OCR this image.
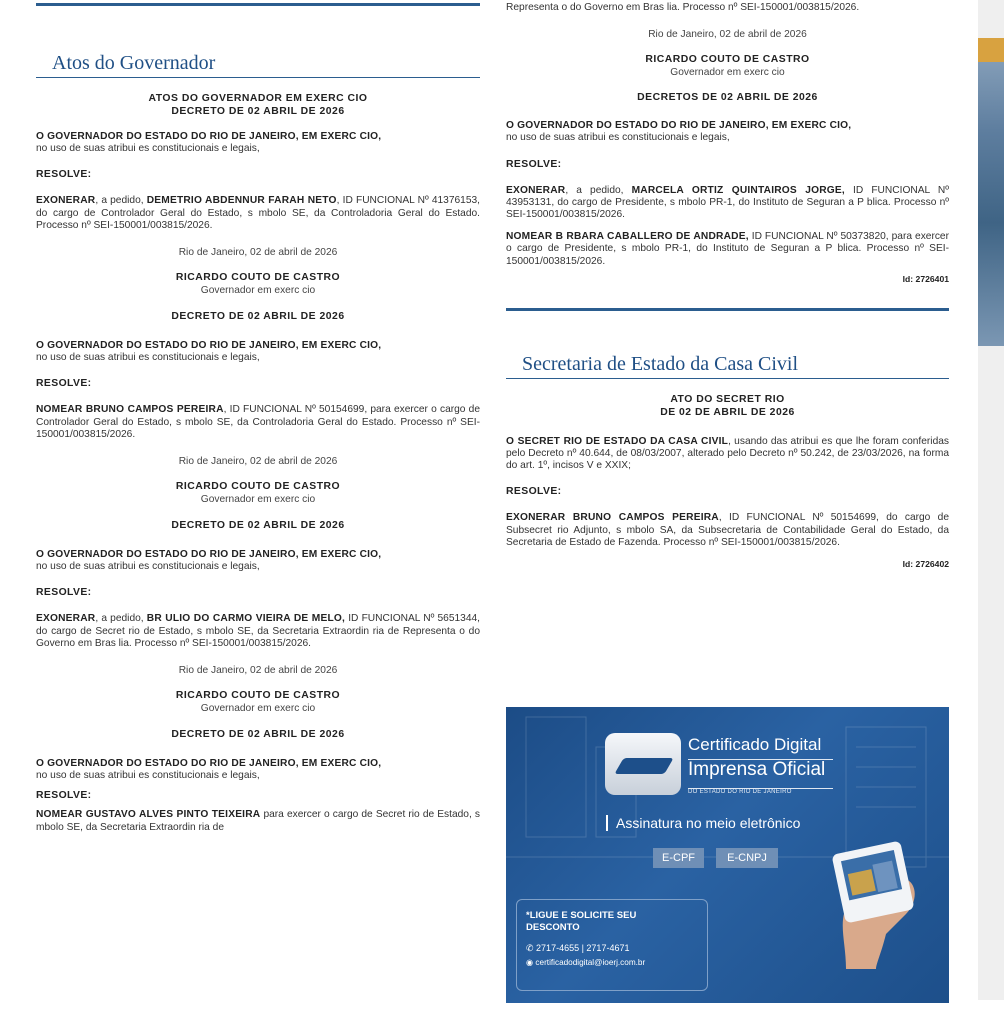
Atos do Governador
ATOS DO GOVERNADOR EM EXERC CIO
DECRETO DE 02 ABRIL DE 2026
O GOVERNADOR DO ESTADO DO RIO DE JANEIRO, EM EXERC CIO,
no uso de suas atribui es constitucionais e legais,
RESOLVE:
EXONERAR, a pedido, DEMETRIO ABDENNUR FARAH NETO, ID FUNCIONAL Nº 41376153, do cargo de Controlador Geral do Estado, s mbolo SE, da Controladoria Geral do Estado. Processo nº SEI-150001/003815/2026.
Rio de Janeiro, 02 de abril de 2026
RICARDO COUTO DE CASTRO
Governador em exerc cio
DECRETO DE 02 ABRIL DE 2026
O GOVERNADOR DO ESTADO DO RIO DE JANEIRO, EM EXERC CIO,
no uso de suas atribui es constitucionais e legais,
RESOLVE:
NOMEAR BRUNO CAMPOS PEREIRA, ID FUNCIONAL Nº 50154699, para exercer o cargo de Controlador Geral do Estado, s mbolo SE, da Controladoria Geral do Estado. Processo nº SEI-150001/003815/2026.
Rio de Janeiro, 02 de abril de 2026
RICARDO COUTO DE CASTRO
Governador em exerc cio
DECRETO DE 02 ABRIL DE 2026
O GOVERNADOR DO ESTADO DO RIO DE JANEIRO, EM EXERC CIO,
no uso de suas atribui es constitucionais e legais,
RESOLVE:
EXONERAR, a pedido, BR ULIO DO CARMO VIEIRA DE MELO, ID FUNCIONAL Nº 5651344, do cargo de Secret rio de Estado, s mbolo SE, da Secretaria Extraordin ria de Representa o do Governo em Bras lia. Processo nº SEI-150001/003815/2026.
Rio de Janeiro, 02 de abril de 2026
RICARDO COUTO DE CASTRO
Governador em exerc cio
DECRETO DE 02 ABRIL DE 2026
O GOVERNADOR DO ESTADO DO RIO DE JANEIRO, EM EXERC CIO,
no uso de suas atribui es constitucionais e legais,
RESOLVE:
NOMEAR GUSTAVO ALVES PINTO TEIXEIRA para exercer o cargo de Secret rio de Estado, s mbolo SE, da Secretaria Extraordin ria de
Representa o do Governo em Bras lia. Processo nº SEI-150001/003815/2026.
Rio de Janeiro, 02 de abril de 2026
RICARDO COUTO DE CASTRO
Governador em exerc cio
DECRETOS DE 02 ABRIL DE 2026
O GOVERNADOR DO ESTADO DO RIO DE JANEIRO, EM EXERC CIO,
no uso de suas atribui es constitucionais e legais,
RESOLVE:
EXONERAR, a pedido, MARCELA ORTIZ QUINTAIROS JORGE, ID FUNCIONAL Nº 43953131, do cargo de Presidente, s mbolo PR-1, do Instituto de Seguran a P blica. Processo nº SEI-150001/003815/2026.
NOMEAR B RBARA CABALLERO DE ANDRADE, ID FUNCIONAL Nº 50373820, para exercer o cargo de Presidente, s mbolo PR-1, do Instituto de Seguran a P blica. Processo nº SEI-150001/003815/2026.
Id: 2726401
Secretaria de Estado da Casa Civil
ATO DO SECRET RIO
DE 02 DE ABRIL DE 2026
O SECRET RIO DE ESTADO DA CASA CIVIL, usando das atribui es que lhe foram conferidas pelo Decreto nº 40.644, de 08/03/2007, alterado pelo Decreto nº 50.242, de 23/03/2026, na forma do art. 1º, incisos V e XXIX;
RESOLVE:
EXONERAR BRUNO CAMPOS PEREIRA, ID FUNCIONAL Nº 50154699, do cargo de Subsecret rio Adjunto, s mbolo SA, da Subsecretaria de Contabilidade Geral do Estado, da Secretaria de Estado de Fazenda. Processo nº SEI-150001/003815/2026.
Id: 2726402
Certificado Digital
Imprensa Oficial
DO ESTADO DO RIO DE JANEIRO
Assinatura no meio eletrônico
E-CPF	E-CNPJ
*LIGUE E SOLICITE SEU DESCONTO
✆ 2717-4655 | 2717-4671
◉ certificadodigital@ioerj.com.br
